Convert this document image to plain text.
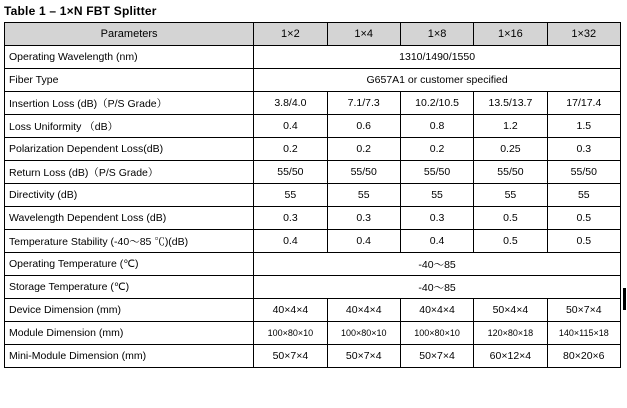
Table 1 – 1×N FBT Splitter
Parameters	1×2	1×4	1×8	1×16	1×32
Operating Wavelength (nm)	1310/1490/1550				
Fiber Type	G657A1 or customer specified				
Insertion Loss (dB)（P/S Grade）	3.8/4.0	7.1/7.3	10.2/10.5	13.5/13.7	17/17.4
Loss Uniformity （dB）	0.4	0.6	0.8	1.2	1.5
Polarization Dependent Loss(dB)	0.2	0.2	0.2	0.25	0.3
Return Loss (dB)（P/S Grade）	55/50	55/50	55/50	55/50	55/50
Directivity (dB)	55	55	55	55	55
Wavelength Dependent Loss (dB)	0.3	0.3	0.3	0.5	0.5
Temperature Stability (-40～85 ℃)(dB)	0.4	0.4	0.4	0.5	0.5
Operating Temperature (℃)	-40～85				
Storage Temperature (℃)	-40～85				
Device Dimension (mm)	40×4×4	40×4×4	40×4×4	50×4×4	50×7×4
Module Dimension (mm)	100×80×10	100×80×10	100×80×10	120×80×18	140×115×18
Mini-Module Dimension (mm)	50×7×4	50×7×4	50×7×4	60×12×4	80×20×6
